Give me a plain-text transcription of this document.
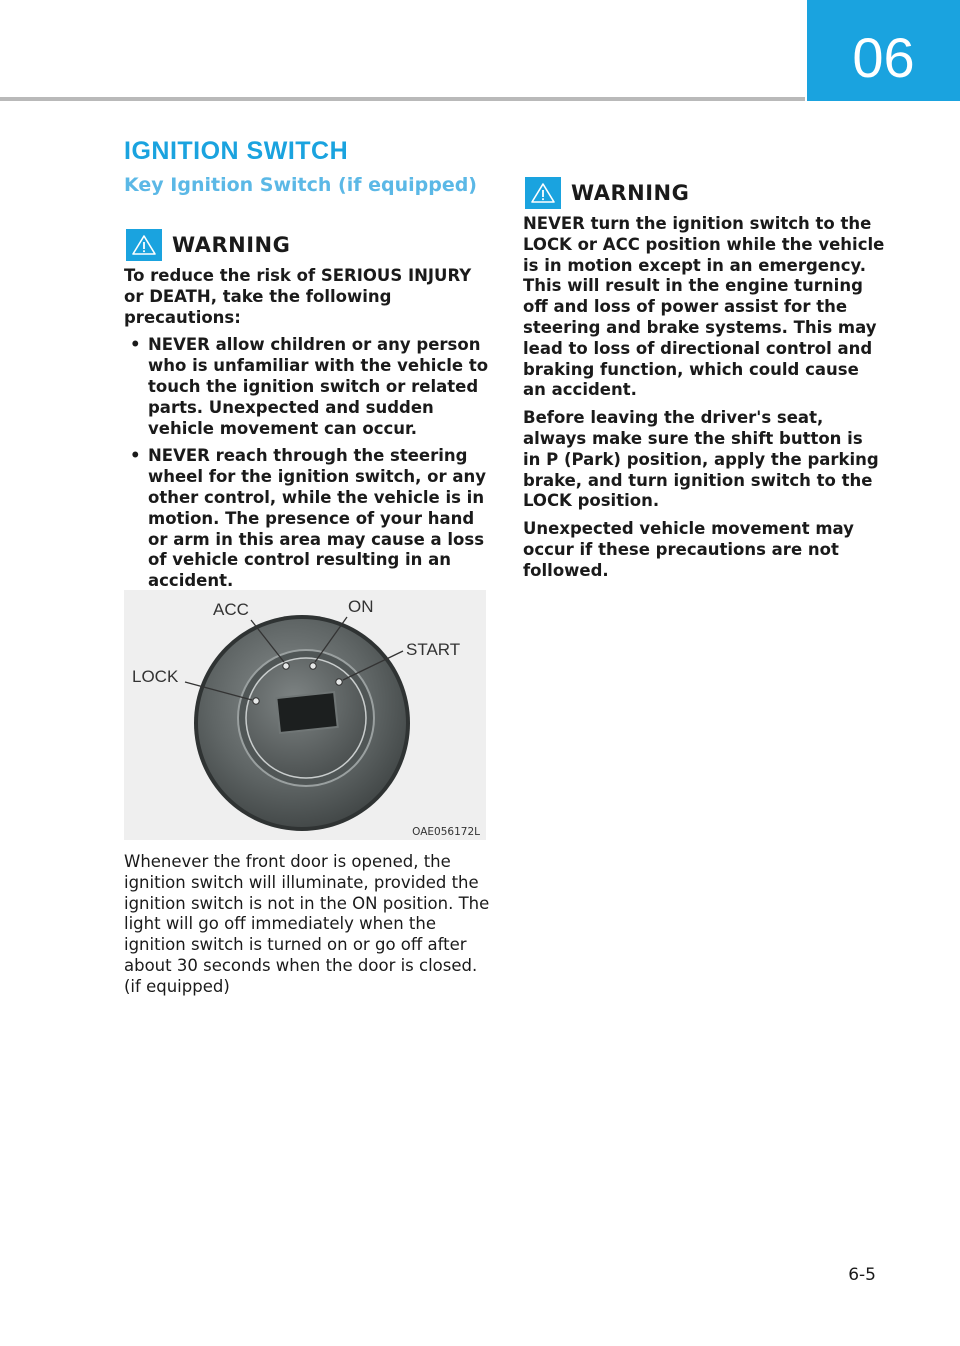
06
IGNITION SWITCH
Key Ignition Switch (if equipped)
WARNING

To reduce the risk of SERIOUS INJURY or DEATH, take the following precautions:

• NEVER allow children or any person who is unfamiliar with the vehicle to touch the ignition switch or related parts. Unexpected and sudden vehicle movement can occur.
• NEVER reach through the steering wheel for the ignition switch, or any other control, while the vehicle is in motion. The presence of your hand or arm in this area may cause a loss of vehicle control resulting in an accident.
ACC	ON
START
LOCK
OAE056172L

Whenever the front door is opened, the ignition switch will illuminate, provided the ignition switch is not in the ON position. The light will go off immediately when the ignition switch is turned on or go off after about 30 seconds when the door is closed. (if equipped)

WARNING

NEVER turn the ignition switch to the LOCK or ACC position while the vehicle is in motion except in an emergency. This will result in the engine turning off and loss of power assist for the steering and brake systems. This may lead to loss of directional control and braking function, which could cause an accident.

Before leaving the driver's seat, always make sure the shift button is in P (Park) position, apply the parking brake, and turn ignition switch to the LOCK position.

Unexpected vehicle movement may occur if these precautions are not followed.

6-5
